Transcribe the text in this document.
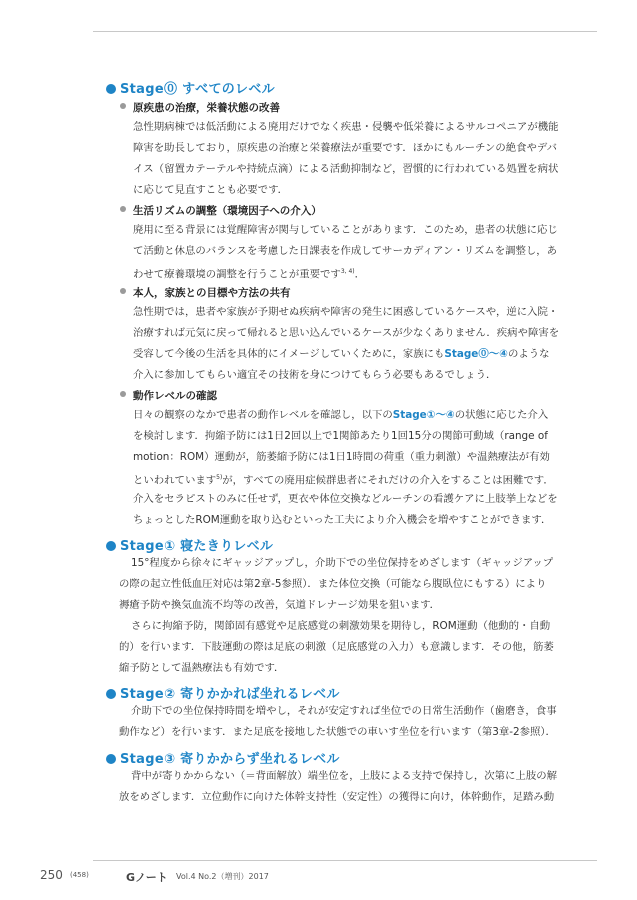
Stage⓪ すべてのレベル
原疾患の治療，栄養状態の改善
急性期病棟では低活動による廃用だけでなく疾患・侵襲や低栄養によるサルコペニアが機能
障害を助長しており，原疾患の治療と栄養療法が重要です．ほかにもルーチンの絶食やデバ
イス（留置カテーテルや持続点滴）による活動抑制など，習慣的に行われている処置を病状
に応じて見直すことも必要です．
生活リズムの調整（環境因子への介入）
廃用に至る背景には覚醒障害が関与していることがあります．このため，患者の状態に応じ
て活動と休息のバランスを考慮した日課表を作成してサーカディアン・リズムを調整し，あ
わせて療養環境の調整を行うことが重要です$^{3, 4)}$．
本人，家族との目標や方法の共有
急性期では，患者や家族が予期せぬ疾病や障害の発生に困惑しているケースや，逆に入院・
治療すれば元気に戻って帰れると思い込んでいるケースが少なくありません．疾病や障害を
受容して今後の生活を具体的にイメージしていくために，家族にもStage⓪～④のような
介入に参加してもらい適宜その技術を身につけてもらう必要もあるでしょう．
動作レベルの確認
日々の観察のなかで患者の動作レベルを確認し，以下のStage①～④の状態に応じた介入
を検討します．拘縮予防には1日2回以上で1関節あたり1回15分の関節可動域（range of
motion：ROM）運動が，筋萎縮予防には1日1時間の荷重（重力刺激）や温熱療法が有効
といわれています$^{5)}$が，すべての廃用症候群患者にそれだけの介入をすることは困難です．
介入をセラピストのみに任せず，更衣や体位交換などルーチンの看護ケアに上肢挙上などを
ちょっとしたROM運動を取り込むといった工夫により介入機会を増やすことができます．
Stage① 寝たきりレベル
15°程度から徐々にギャッジアップし，介助下での坐位保持をめざします（ギャッジアップ
の際の起立性低血圧対応は第2章-5参照）．また体位交換（可能なら腹臥位にもする）により
褥瘡予防や換気血流不均等の改善，気道ドレナージ効果を狙います．
さらに拘縮予防，関節固有感覚や足底感覚の刺激効果を期待し，ROM運動（他動的・自動
的）を行います．下肢運動の際は足底の刺激（足底感覚の入力）も意識します．その他，筋萎
縮予防として温熱療法も有効です．
Stage② 寄りかかれば坐れるレベル
介助下での坐位保持時間を増やし，それが安定すれば坐位での日常生活動作（歯磨き，食事
動作など）を行います．また足底を接地した状態での車いす坐位を行います（第3章-2参照）．
Stage③ 寄りかからず坐れるレベル
背中が寄りかからない（＝背面解放）端坐位を，上肢による支持で保持し，次第に上肢の解
放をめざします．立位動作に向けた体幹支持性（安定性）の獲得に向け，体幹動作，足踏み動
250 (458)	Gノート Vol.4 No.2（増刊）2017
